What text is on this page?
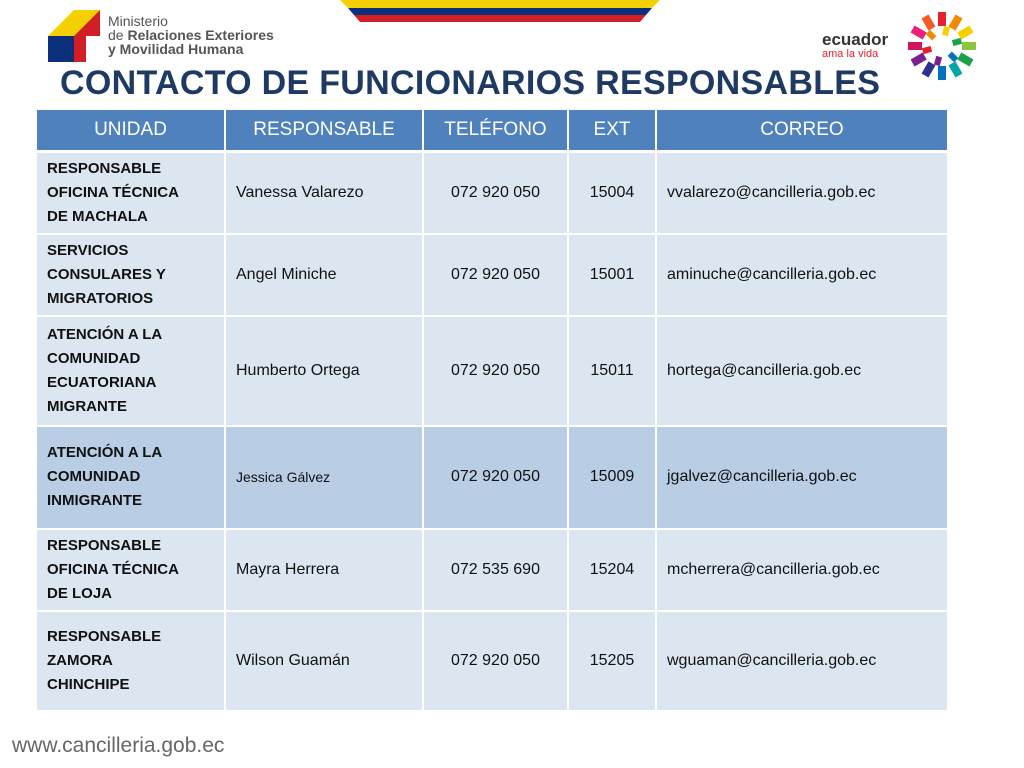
Ministerio
de Relaciones Exteriores
y Movilidad Humana	ecuador
ama la vida
CONTACTO DE FUNCIONARIOS RESPONSABLES
UNIDAD	RESPONSABLE	TELÉFONO	EXT	CORREO

RESPONSABLE
OFICINA TÉCNICA
DE MACHALA	Vanessa Valarezo	072 920 050	15004	vvalarezo@cancilleria.gob.ec

SERVICIOS
CONSULARES Y
MIGRATORIOS	Angel Miniche	072 920 050	15001	aminuche@cancilleria.gob.ec

ATENCIÓN A LA
COMUNIDAD
ECUATORIANA
MIGRANTE	Humberto Ortega	072 920 050	15011	hortega@cancilleria.gob.ec

ATENCIÓN A LA
COMUNIDAD
INMIGRANTE	Jessica Gálvez	072 920 050	15009	jgalvez@cancilleria.gob.ec

RESPONSABLE
OFICINA TÉCNICA
DE LOJA	Mayra Herrera	072 535 690	15204	mcherrera@cancilleria.gob.ec

RESPONSABLE
ZAMORA
CHINCHIPE	Wilson Guamán	072 920 050	15205	wguaman@cancilleria.gob.ec
www.cancilleria.gob.ec
